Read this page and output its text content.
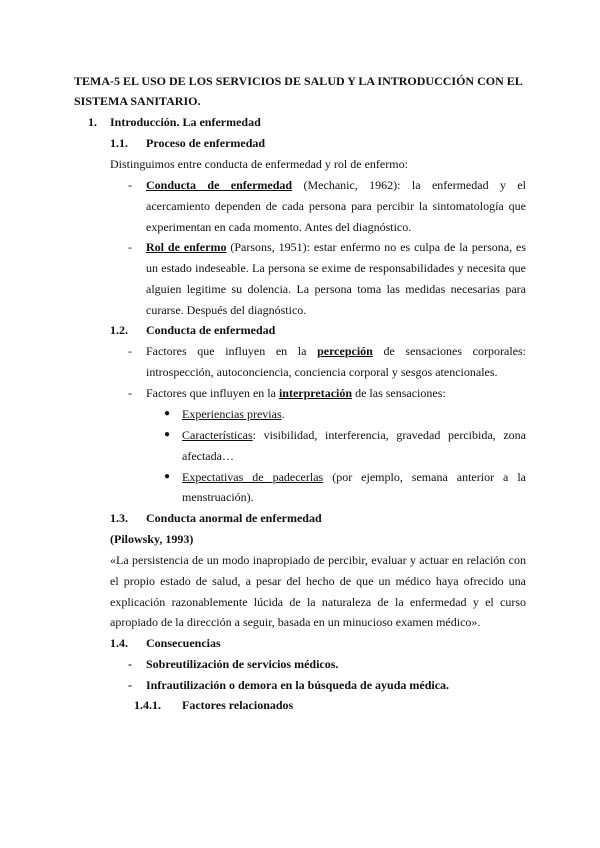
TEMA-5 EL USO DE LOS SERVICIOS DE SALUD Y LA INTRODUCCIÓN CON EL
SISTEMA SANITARIO.
1. Introducción. La enfermedad
1.1. Proceso de enfermedad
Distinguimos entre conducta de enfermedad y rol de enfermo:
- Conducta de enfermedad (Mechanic, 1962): la enfermedad y el
acercamiento dependen de cada persona para percibir la sintomatología que
experimentan en cada momento. Antes del diagnóstico.
- Rol de enfermo (Parsons, 1951): estar enfermo no es culpa de la persona, es
un estado indeseable. La persona se exime de responsabilidades y necesita que
alguien legitime su dolencia. La persona toma las medidas necesarias para
curarse. Después del diagnóstico.
1.2. Conducta de enfermedad
- Factores que influyen en la percepción de sensaciones corporales:
introspección, autoconciencia, conciencia corporal y sesgos atencionales.
- Factores que influyen en la interpretación de las sensaciones:
● Experiencias previas.
● Características: visibilidad, interferencia, gravedad percibida, zona
afectada…
● Expectativas de padecerlas (por ejemplo, semana anterior a la
menstruación).
1.3. Conducta anormal de enfermedad
(Pilowsky, 1993)
«La persistencia de un modo inapropiado de percibir, evaluar y actuar en relación con
el propio estado de salud, a pesar del hecho de que un médico haya ofrecido una
explicación razonablemente lúcida de la naturaleza de la enfermedad y el curso
apropiado de la dirección a seguir, basada en un minucioso examen médico».
1.4. Consecuencias
- Sobreutilización de servicios médicos.
- Infrautilización o demora en la búsqueda de ayuda médica.
1.4.1. Factores relacionados
